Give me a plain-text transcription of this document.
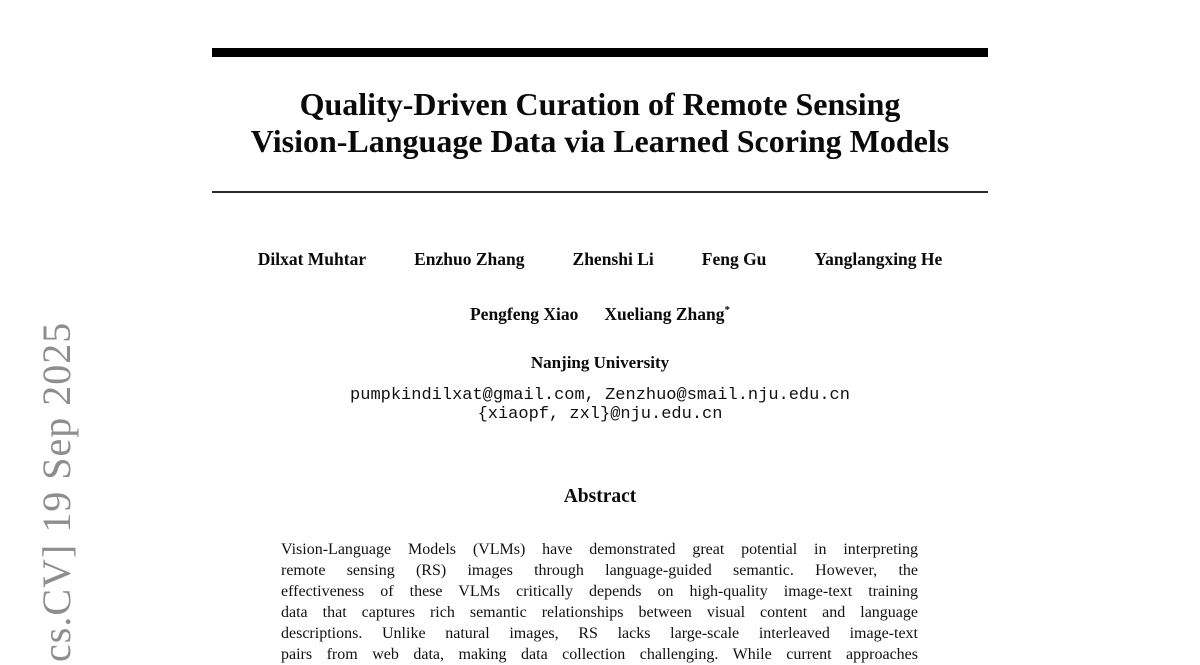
cs.CV] 19 Sep 2025
Quality-Driven Curation of Remote Sensing
Vision-Language Data via Learned Scoring Models
Dilxat Muhtar	Enzhuo Zhang	Zhenshi Li	Feng Gu	Yanglangxing He
Pengfeng Xiao Xueliang Zhang*
Nanjing University
pumpkindilxat@gmail.com, Zenzhuo@smail.nju.edu.cn
{xiaopf, zxl}@nju.edu.cn
Abstract
Vision-Language Models (VLMs) have demonstrated great potential in interpreting
remote sensing (RS) images through language-guided semantic. However, the
effectiveness of these VLMs critically depends on high-quality image-text training
data that captures rich semantic relationships between visual content and language
descriptions. Unlike natural images, RS lacks large-scale interleaved image-text
pairs from web data, making data collection challenging. While current approaches
